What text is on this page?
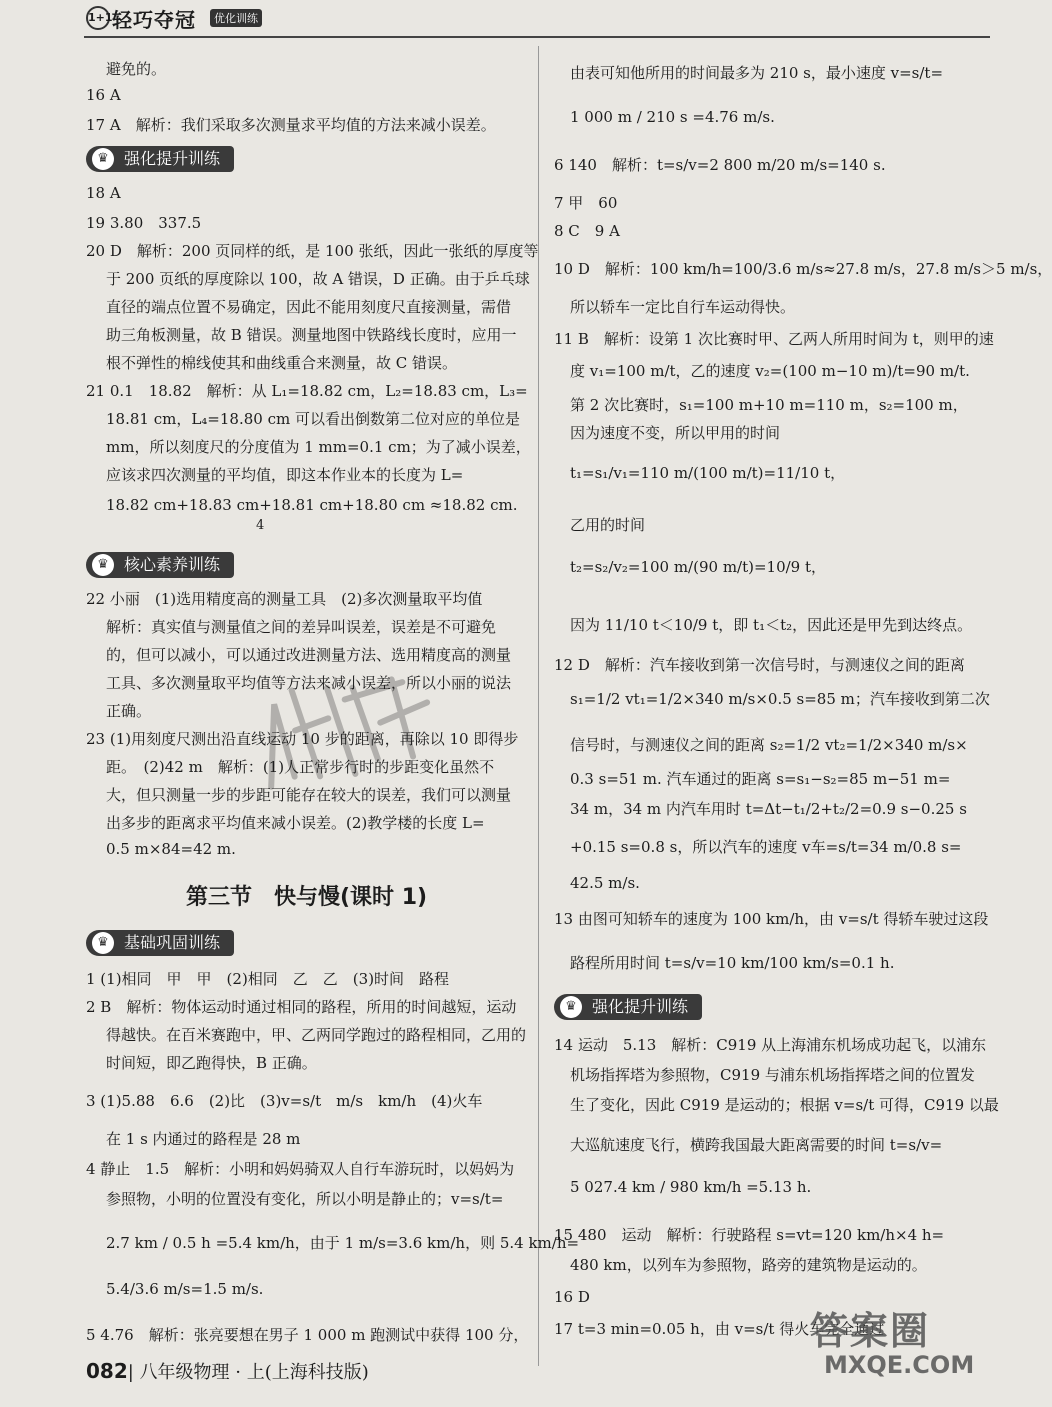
1+1 轻巧夺冠	优化训练
避免的。
16 A
17 A　解析：我们采取多次测量求平均值的方法来减小误差。
♛ 强化提升训练
18 A
19 3.80　337.5
20 D　解析：200 页同样的纸，是 100 张纸，因此一张纸的厚度等
于 200 页纸的厚度除以 100，故 A 错误，D 正确。由于乒乓球
直径的端点位置不易确定，因此不能用刻度尺直接测量，需借
助三角板测量，故 B 错误。测量地图中铁路线长度时，应用一
根不弹性的棉线使其和曲线重合来测量，故 C 错误。
21 0.1　18.82　解析：从 L₁=18.82 cm，L₂=18.83 cm，L₃=
18.81 cm，L₄=18.80 cm 可以看出倒数第二位对应的单位是
mm，所以刻度尺的分度值为 1 mm=0.1 cm；为了减小误差，
应该求四次测量的平均值，即这本作业本的长度为 L=
18.82 cm+18.83 cm+18.81 cm+18.80 cm ≈18.82 cm.
4
♛ 核心素养训练
22 小丽　(1)选用精度高的测量工具　(2)多次测量取平均值
解析：真实值与测量值之间的差异叫误差，误差是不可避免
的，但可以减小，可以通过改进测量方法、选用精度高的测量
工具、多次测量取平均值等方法来减小误差，所以小丽的说法
正确。
23 (1)用刻度尺测出沿直线运动 10 步的距离，再除以 10 即得步
距。　(2)42 m　解析：(1)人正常步行时的步距变化虽然不
大，但只测量一步的步距可能存在较大的误差，我们可以测量
出多步的距离求平均值来减小误差。(2)教学楼的长度 L=
0.5 m×84=42 m.
第三节　快与慢(课时 1)
♛ 基础巩固训练
1 (1)相同　甲　甲　(2)相同　乙　乙　(3)时间　路程
2 B　解析：物体运动时通过相同的路程，所用的时间越短，运动
得越快。在百米赛跑中，甲、乙两同学跑过的路程相同，乙用的
时间短，即乙跑得快，B 正确。
3 (1)5.88　6.6　(2)比　(3)v=s/t　m/s　km/h　(4)火车
在 1 s 内通过的路程是 28 m
4 静止　1.5　解析：小明和妈妈骑双人自行车游玩时，以妈妈为
参照物，小明的位置没有变化，所以小明是静止的；v=s/t=
2.7 km / 0.5 h =5.4 km/h，由于 1 m/s=3.6 km/h，则 5.4 km/h=
5.4/3.6 m/s=1.5 m/s.
5 4.76　解析：张亮要想在男子 1 000 m 跑测试中获得 100 分，
由表可知他所用的时间最多为 210 s，最小速度 v=s/t=
1 000 m / 210 s =4.76 m/s.
6 140　解析：t=s/v=2 800 m/20 m/s=140 s.
7 甲　60
8 C　9 A
10 D　解析：100 km/h=100/3.6 m/s≈27.8 m/s，27.8 m/s＞5 m/s，
所以轿车一定比自行车运动得快。
11 B　解析：设第 1 次比赛时甲、乙两人所用时间为 t，则甲的速
度 v₁=100 m/t，乙的速度 v₂=(100 m−10 m)/t=90 m/t.
第 2 次比赛时，s₁=100 m+10 m=110 m，s₂=100 m，
因为速度不变，所以甲用的时间
t₁=s₁/v₁=110 m/(100 m/t)=11/10 t，
乙用的时间
t₂=s₂/v₂=100 m/(90 m/t)=10/9 t，
因为 11/10 t＜10/9 t，即 t₁＜t₂，因此还是甲先到达终点。
12 D　解析：汽车接收到第一次信号时，与测速仪之间的距离
s₁=1/2 vt₁=1/2×340 m/s×0.5 s=85 m；汽车接收到第二次
信号时，与测速仪之间的距离 s₂=1/2 vt₂=1/2×340 m/s×
0.3 s=51 m. 汽车通过的距离 s=s₁−s₂=85 m−51 m=
34 m，34 m 内汽车用时 t=Δt−t₁/2+t₂/2=0.9 s−0.25 s
+0.15 s=0.8 s，所以汽车的速度 v车=s/t=34 m/0.8 s=
42.5 m/s.
13 由图可知轿车的速度为 100 km/h，由 v=s/t 得轿车驶过这段
路程所用时间 t=s/v=10 km/100 km/s=0.1 h.
♛ 强化提升训练
14 运动　5.13　解析：C919 从上海浦东机场成功起飞，以浦东
机场指挥塔为参照物，C919 与浦东机场指挥塔之间的位置发
生了变化，因此 C919 是运动的；根据 v=s/t 可得，C919 以最
大巡航速度飞行，横跨我国最大距离需要的时间 t=s/v=
5 027.4 km / 980 km/h =5.13 h.
15 480　运动　解析：行驶路程 s=vt=120 km/h×4 h=
480 km，以列车为参照物，路旁的建筑物是运动的。
16 D
17 t=3 min=0.05 h，由 v=s/t 得火车完全通过
答案圈
MXQE.COM
082| 八年级物理 · 上(上海科技版)
